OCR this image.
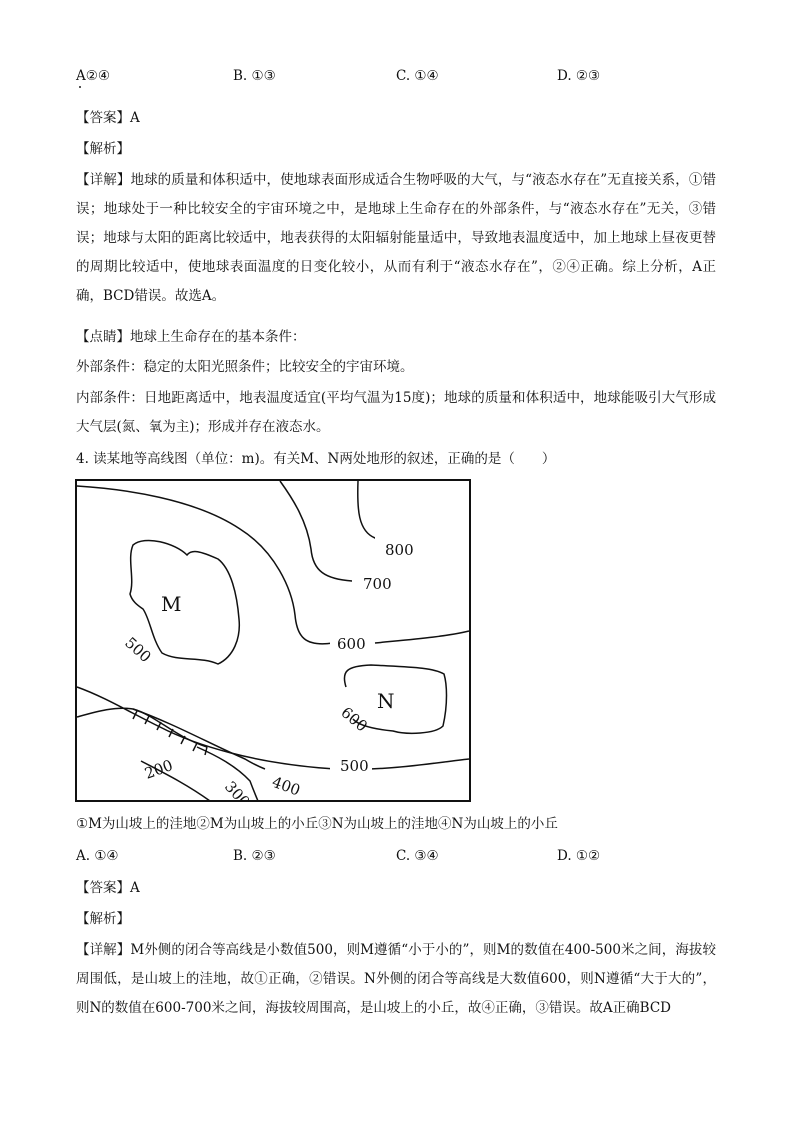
A②④	B. ①③	C. ①④	D. ②③
【答案】A
【解析】
【详解】地球的质量和体积适中，使地球表面形成适合生物呼吸的大气，与“液态水存在”无直接关系，①错误；地球处于一种比较安全的宇宙环境之中，是地球上生命存在的外部条件，与“液态水存在”无关，③错误；地球与太阳的距离比较适中，地表获得的太阳辐射能量适中，导致地表温度适中，加上地球上昼夜更替的周期比较适中，使地球表面温度的日变化较小，从而有利于“液态水存在”，②④正确。综上分析，A正确，BCD错误。故选A。
【点睛】地球上生命存在的基本条件：
外部条件：稳定的太阳光照条件；比较安全的宇宙环境。
内部条件：日地距离适中，地表温度适宜(平均气温为15度)；地球的质量和体积适中，地球能吸引大气形成大气层(氮、氧为主)；形成并存在液态水。
4. 读某地等高线图（单位：m)。有关M、N两处地形的叙述，正确的是（　　）
800
700
600
500
600
500
400
300
200
M
N
①M为山坡上的洼地②M为山坡上的小丘③N为山坡上的洼地④N为山坡上的小丘
A. ①④	B. ②③	C. ③④	D. ①②
【答案】A
【解析】
【详解】M外侧的闭合等高线是小数值500，则M遵循“小于小的”，则M的数值在400-500米之间，海拔较周围低，是山坡上的洼地，故①正确，②错误。N外侧的闭合等高线是大数值600，则N遵循“大于大的”，则N的数值在600-700米之间，海拔较周围高，是山坡上的小丘，故④正确，③错误。故A正确BCD
